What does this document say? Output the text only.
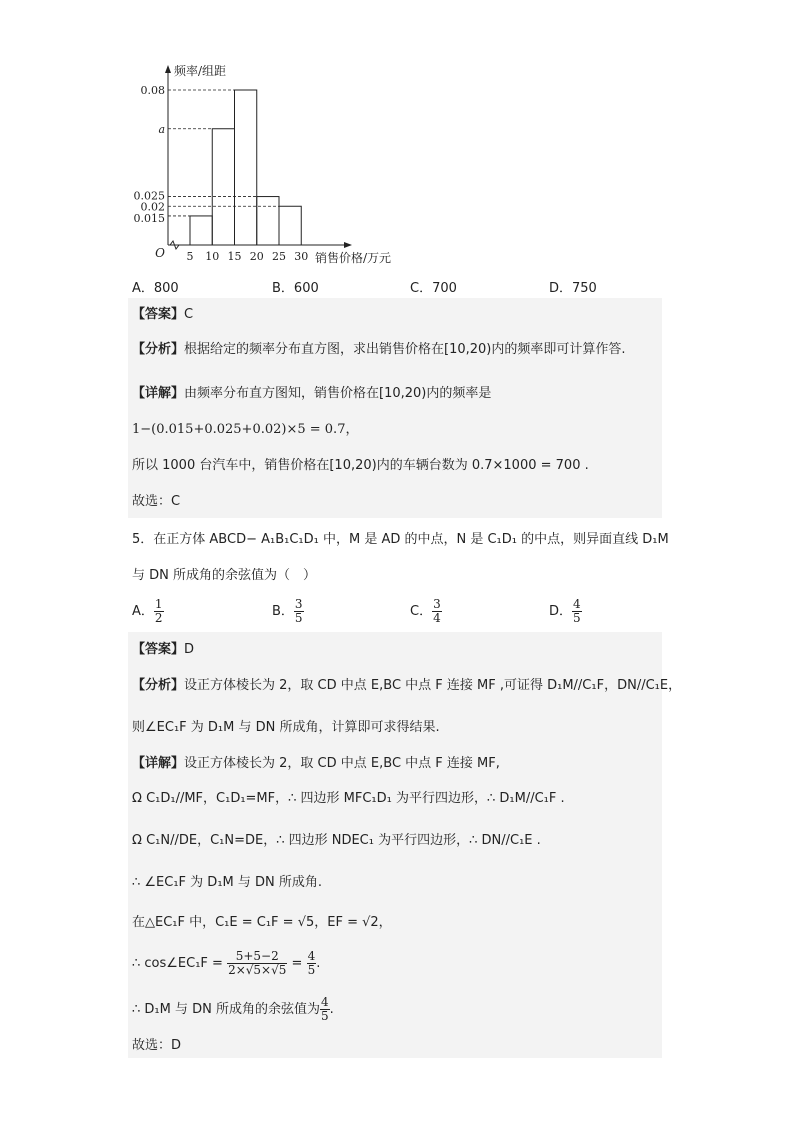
0.08
a
0.025
0.02
0.015
5 10 15 20 25 30
O
频率/组距
销售价格/万元
A．800	B．600	C．700	D．750
【答案】C
【分析】根据给定的频率分布直方图，求出销售价格在[10,20)内的频率即可计算作答.
【详解】由频率分布直方图知，销售价格在[10,20)内的频率是
1−(0.015+0.025+0.02)×5 = 0.7，
所以 1000 台汽车中，销售价格在[10,20)内的车辆台数为 0.7×1000 = 700 .
故选：C
5．在正方体 ABCD− A₁B₁C₁D₁ 中，M 是 AD 的中点，N 是 C₁D₁ 的中点，则异面直线 D₁M
与 DN 所成角的余弦值为（　）
A． $\frac{1}{2}$	B． $\frac{3}{5}$	C． $\frac{3}{4}$	D． $\frac{4}{5}$
【答案】D
【分析】设正方体棱长为 2，取 CD 中点 E,BC 中点 F 连接 MF ,可证得 D₁M//C₁F，DN//C₁E，
则∠EC₁F 为 D₁M 与 DN 所成角，计算即可求得结果.
【详解】设正方体棱长为 2，取 CD 中点 E,BC 中点 F 连接 MF,
Ω C₁D₁//MF，C₁D₁=MF，∴ 四边形 MFC₁D₁ 为平行四边形，∴ D₁M//C₁F .
Ω C₁N//DE，C₁N=DE，∴ 四边形 NDEC₁ 为平行四边形，∴ DN//C₁E .
∴ ∠EC₁F 为 D₁M 与 DN 所成角.
在△EC₁F 中，C₁E = C₁F = √5，EF = √2，
∴ cos∠EC₁F = $\frac{5+5-2}{2\times√5\times√5} = \frac{4}{5}$ .
∴ D₁M 与 DN 所成角的余弦值为 $\frac{4}{5}$ .
故选：D
